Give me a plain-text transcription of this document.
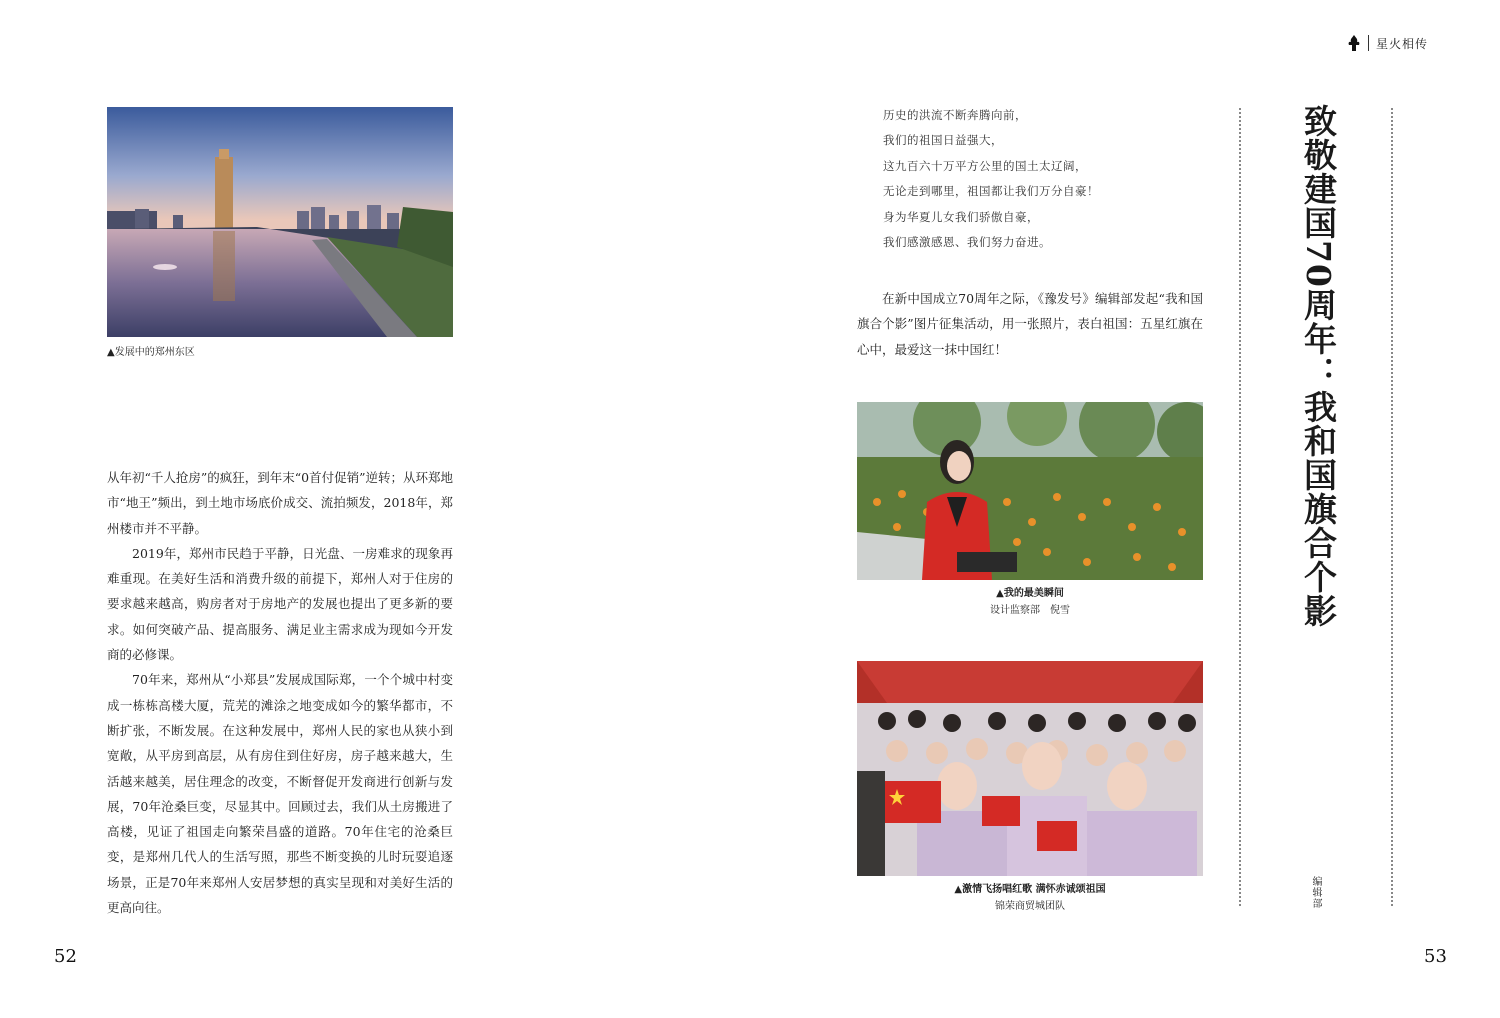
▲发展中的郑州东区

从年初“千人抢房”的疯狂，到年末“0首付促销”逆转；从环郑地市“地王”频出，到土地市场底价成交、流拍频发，2018年，郑州楼市并不平静。

2019年，郑州市民趋于平静，日光盘、一房难求的现象再难重现。在美好生活和消费升级的前提下，郑州人对于住房的要求越来越高，购房者对于房地产的发展也提出了更多新的要求。如何突破产品、提高服务、满足业主需求成为现如今开发商的必修课。

70年来，郑州从“小郑县”发展成国际郑，一个个城中村变成一栋栋高楼大厦，荒芜的滩涂之地变成如今的繁华都市，不断扩张，不断发展。在这种发展中，郑州人民的家也从狭小到宽敞，从平房到高层，从有房住到住好房，房子越来越大，生活越来越美，居住理念的改变，不断督促开发商进行创新与发展，70年沧桑巨变，尽显其中。回顾过去，我们从土房搬进了高楼，见证了祖国走向繁荣昌盛的道路。70年住宅的沧桑巨变，是郑州几代人的生活写照，那些不断变换的儿时玩耍追逐场景，正是70年来郑州人安居梦想的真实呈现和对美好生活的更高向往。

52
星火相传
历史的洪流不断奔腾向前，
我们的祖国日益强大，
这九百六十万平方公里的国土太辽阔，
无论走到哪里，祖国都让我们万分自豪！
身为华夏儿女我们骄傲自豪，
我们感激感恩、我们努力奋进。
在新中国成立70周年之际，《豫发号》编辑部发起“我和国旗合个影”图片征集活动，用一张照片，表白祖国：五星红旗在心中，最爱这一抹中国红！
▲我的最美瞬间
设计监察部　倪雪
▲激情飞扬唱红歌 满怀赤诚颂祖国
锦荣商贸城团队
致敬建国70周年：我和国旗合个影
编辑部
53
